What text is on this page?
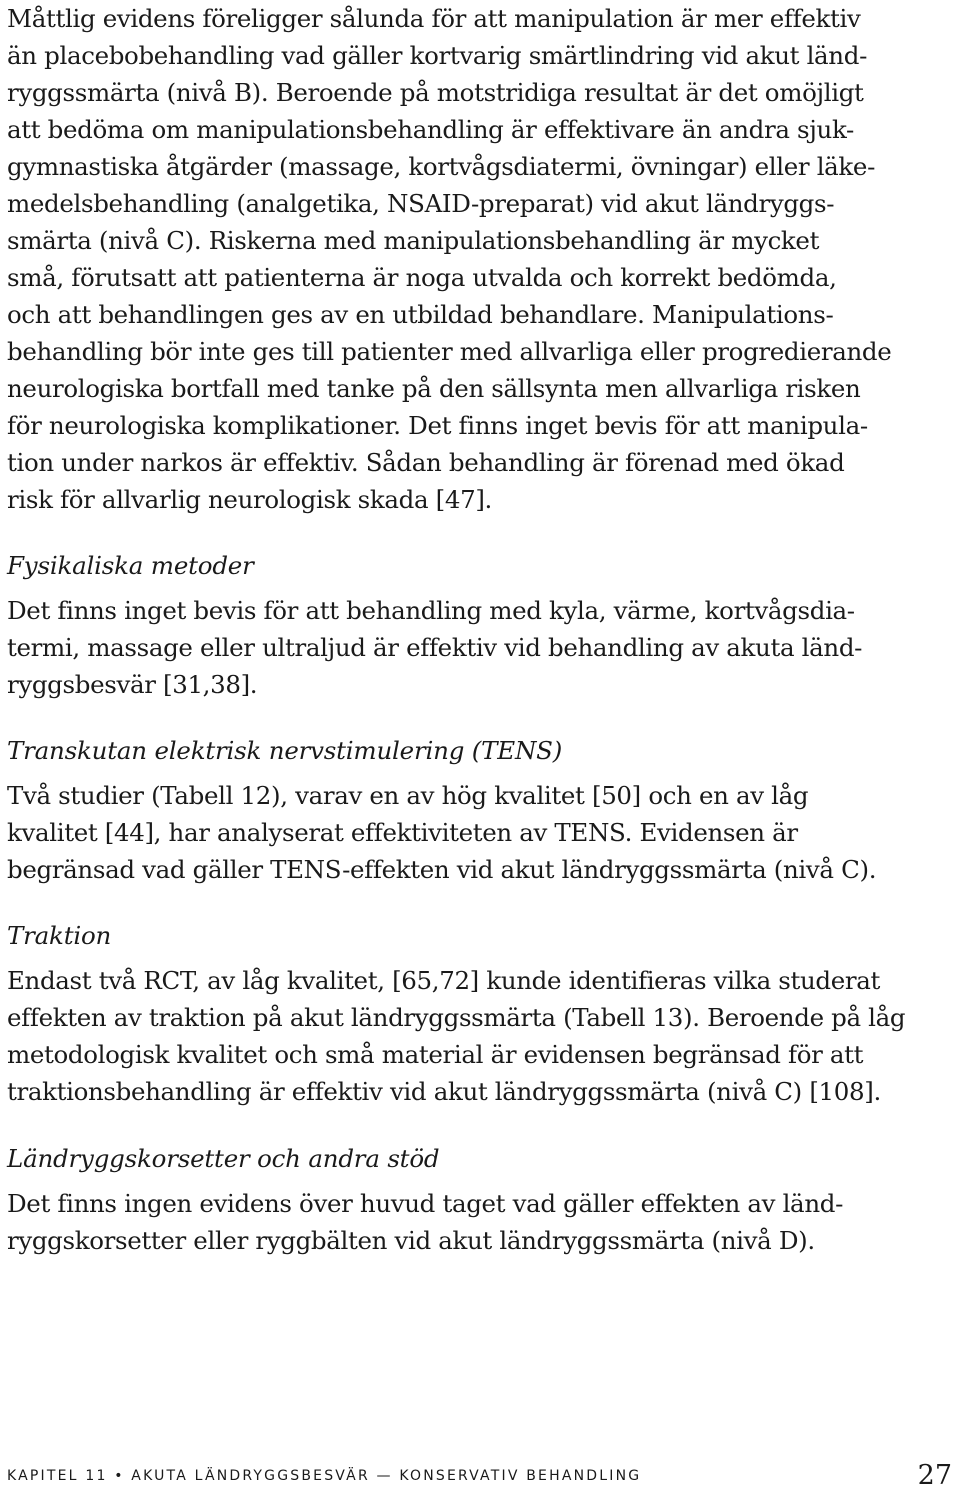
Måttlig evidens föreligger sålunda för att manipulation är mer effektiv
än placebobehandling vad gäller kortvarig smärtlindring vid akut länd-
ryggssmärta (nivå B). Beroende på motstridiga resultat är det omöjligt
att bedöma om manipulationsbehandling är effektivare än andra sjuk-
gymnastiska åtgärder (massage, kortvågsdiatermi, övningar) eller läke-
medelsbehandling (analgetika, NSAID-preparat) vid akut ländryggs-
smärta (nivå C). Riskerna med manipulationsbehandling är mycket
små, förutsatt att patienterna är noga utvalda och korrekt bedömda,
och att behandlingen ges av en utbildad behandlare. Manipulations-
behandling bör inte ges till patienter med allvarliga eller progredierande
neurologiska bortfall med tanke på den sällsynta men allvarliga risken
för neurologiska komplikationer. Det finns inget bevis för att manipula-
tion under narkos är effektiv. Sådan behandling är förenad med ökad
risk för allvarlig neurologisk skada [47].
Fysikaliska metoder
Det finns inget bevis för att behandling med kyla, värme, kortvågsdia-
termi, massage eller ultraljud är effektiv vid behandling av akuta länd-
ryggsbesvär [31,38].
Transkutan elektrisk nervstimulering (TENS)
Två studier (Tabell 12), varav en av hög kvalitet [50] och en av låg
kvalitet [44], har analyserat effektiviteten av TENS. Evidensen är
begränsad vad gäller TENS-effekten vid akut ländryggssmärta (nivå C).
Traktion
Endast två RCT, av låg kvalitet, [65,72] kunde identifieras vilka studerat
effekten av traktion på akut ländryggssmärta (Tabell 13). Beroende på låg
metodologisk kvalitet och små material är evidensen begränsad för att
traktionsbehandling är effektiv vid akut ländryggssmärta (nivå C) [108].
Ländryggskorsetter och andra stöd
Det finns ingen evidens över huvud taget vad gäller effekten av länd-
ryggskorsetter eller ryggbälten vid akut ländryggssmärta (nivå D).
KAPITEL 11 • AKUTA LÄNDRYGGSBESVÄR — KONSERVATIV BEHANDLING	27
